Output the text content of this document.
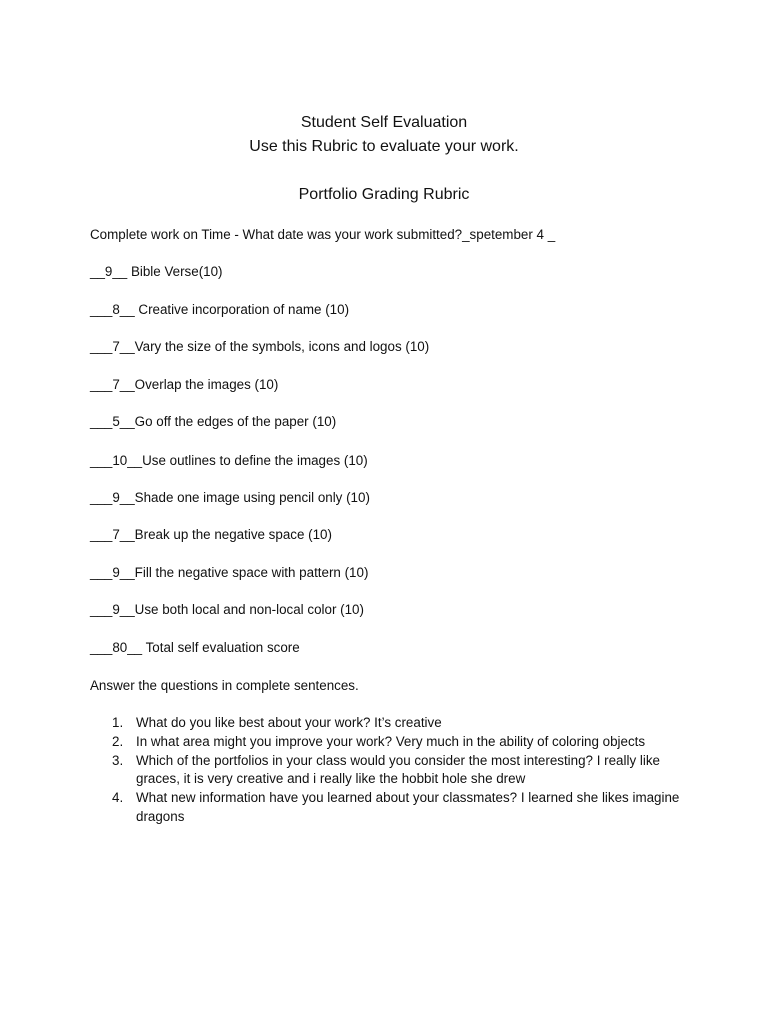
Student Self Evaluation
Use this Rubric to evaluate your work.
Portfolio Grading Rubric
Complete work on Time - What date was your work submitted?_spetember 4 _
__9__ Bible Verse(10)
___8__ Creative incorporation of name (10)
___7__Vary the size of the symbols, icons and logos (10)
___7__Overlap the images (10)
___5__Go off the edges of the paper (10)
___10__Use outlines to define the images (10)
___9__Shade one image using pencil only (10)
___7__Break up the negative space (10)
___9__Fill the negative space with pattern (10)
___9__Use both local and non-local color (10)
___80__ Total self evaluation score
Answer the questions in complete sentences.
1. What do you like best about your work? It’s creative
2. In what area might you improve your work? Very much in the ability of coloring objects
3. Which of the portfolios in your class would you consider the most interesting? I really like graces, it is very creative and i really like the hobbit hole she drew
4. What new information have you learned about your classmates? I learned she likes imagine dragons
